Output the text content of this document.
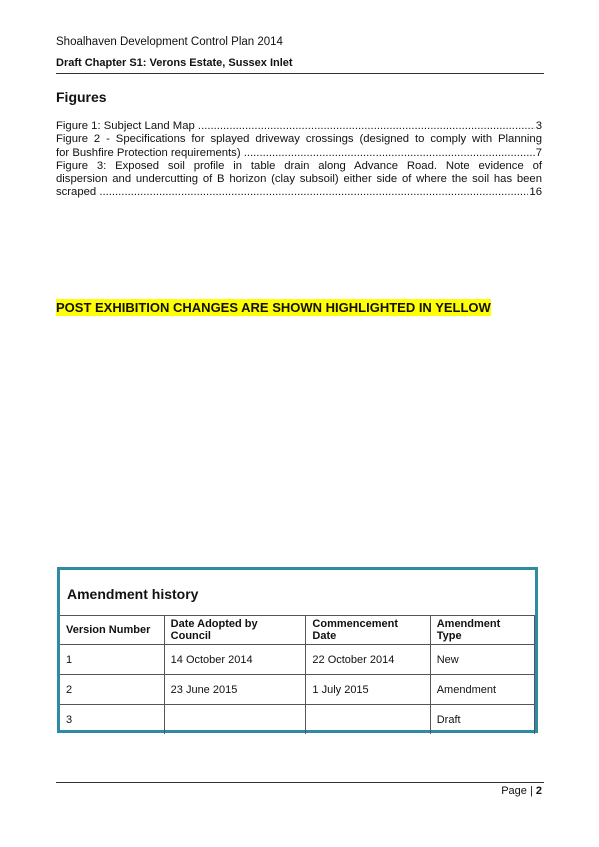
Shoalhaven Development Control Plan 2014
Draft Chapter S1: Verons Estate, Sussex Inlet
Figures
Figure 1: Subject Land Map .....	3
Figure 2 - Specifications for splayed driveway crossings (designed to comply with Planning
for Bushfire Protection requirements) .....	7
Figure 3: Exposed soil profile in table drain along Advance Road. Note evidence of
dispersion and undercutting of B horizon (clay subsoil) either side of where the soil has been
scraped .....	16
POST EXHIBITION CHANGES ARE SHOWN HIGHLIGHTED IN YELLOW
Amendment history
Version Number	Date Adopted by Council	Commencement Date	Amendment Type
1	14 October 2014	22 October 2014	New
2	23 June 2015	1 July 2015	Amendment
3			Draft
Page | 2
